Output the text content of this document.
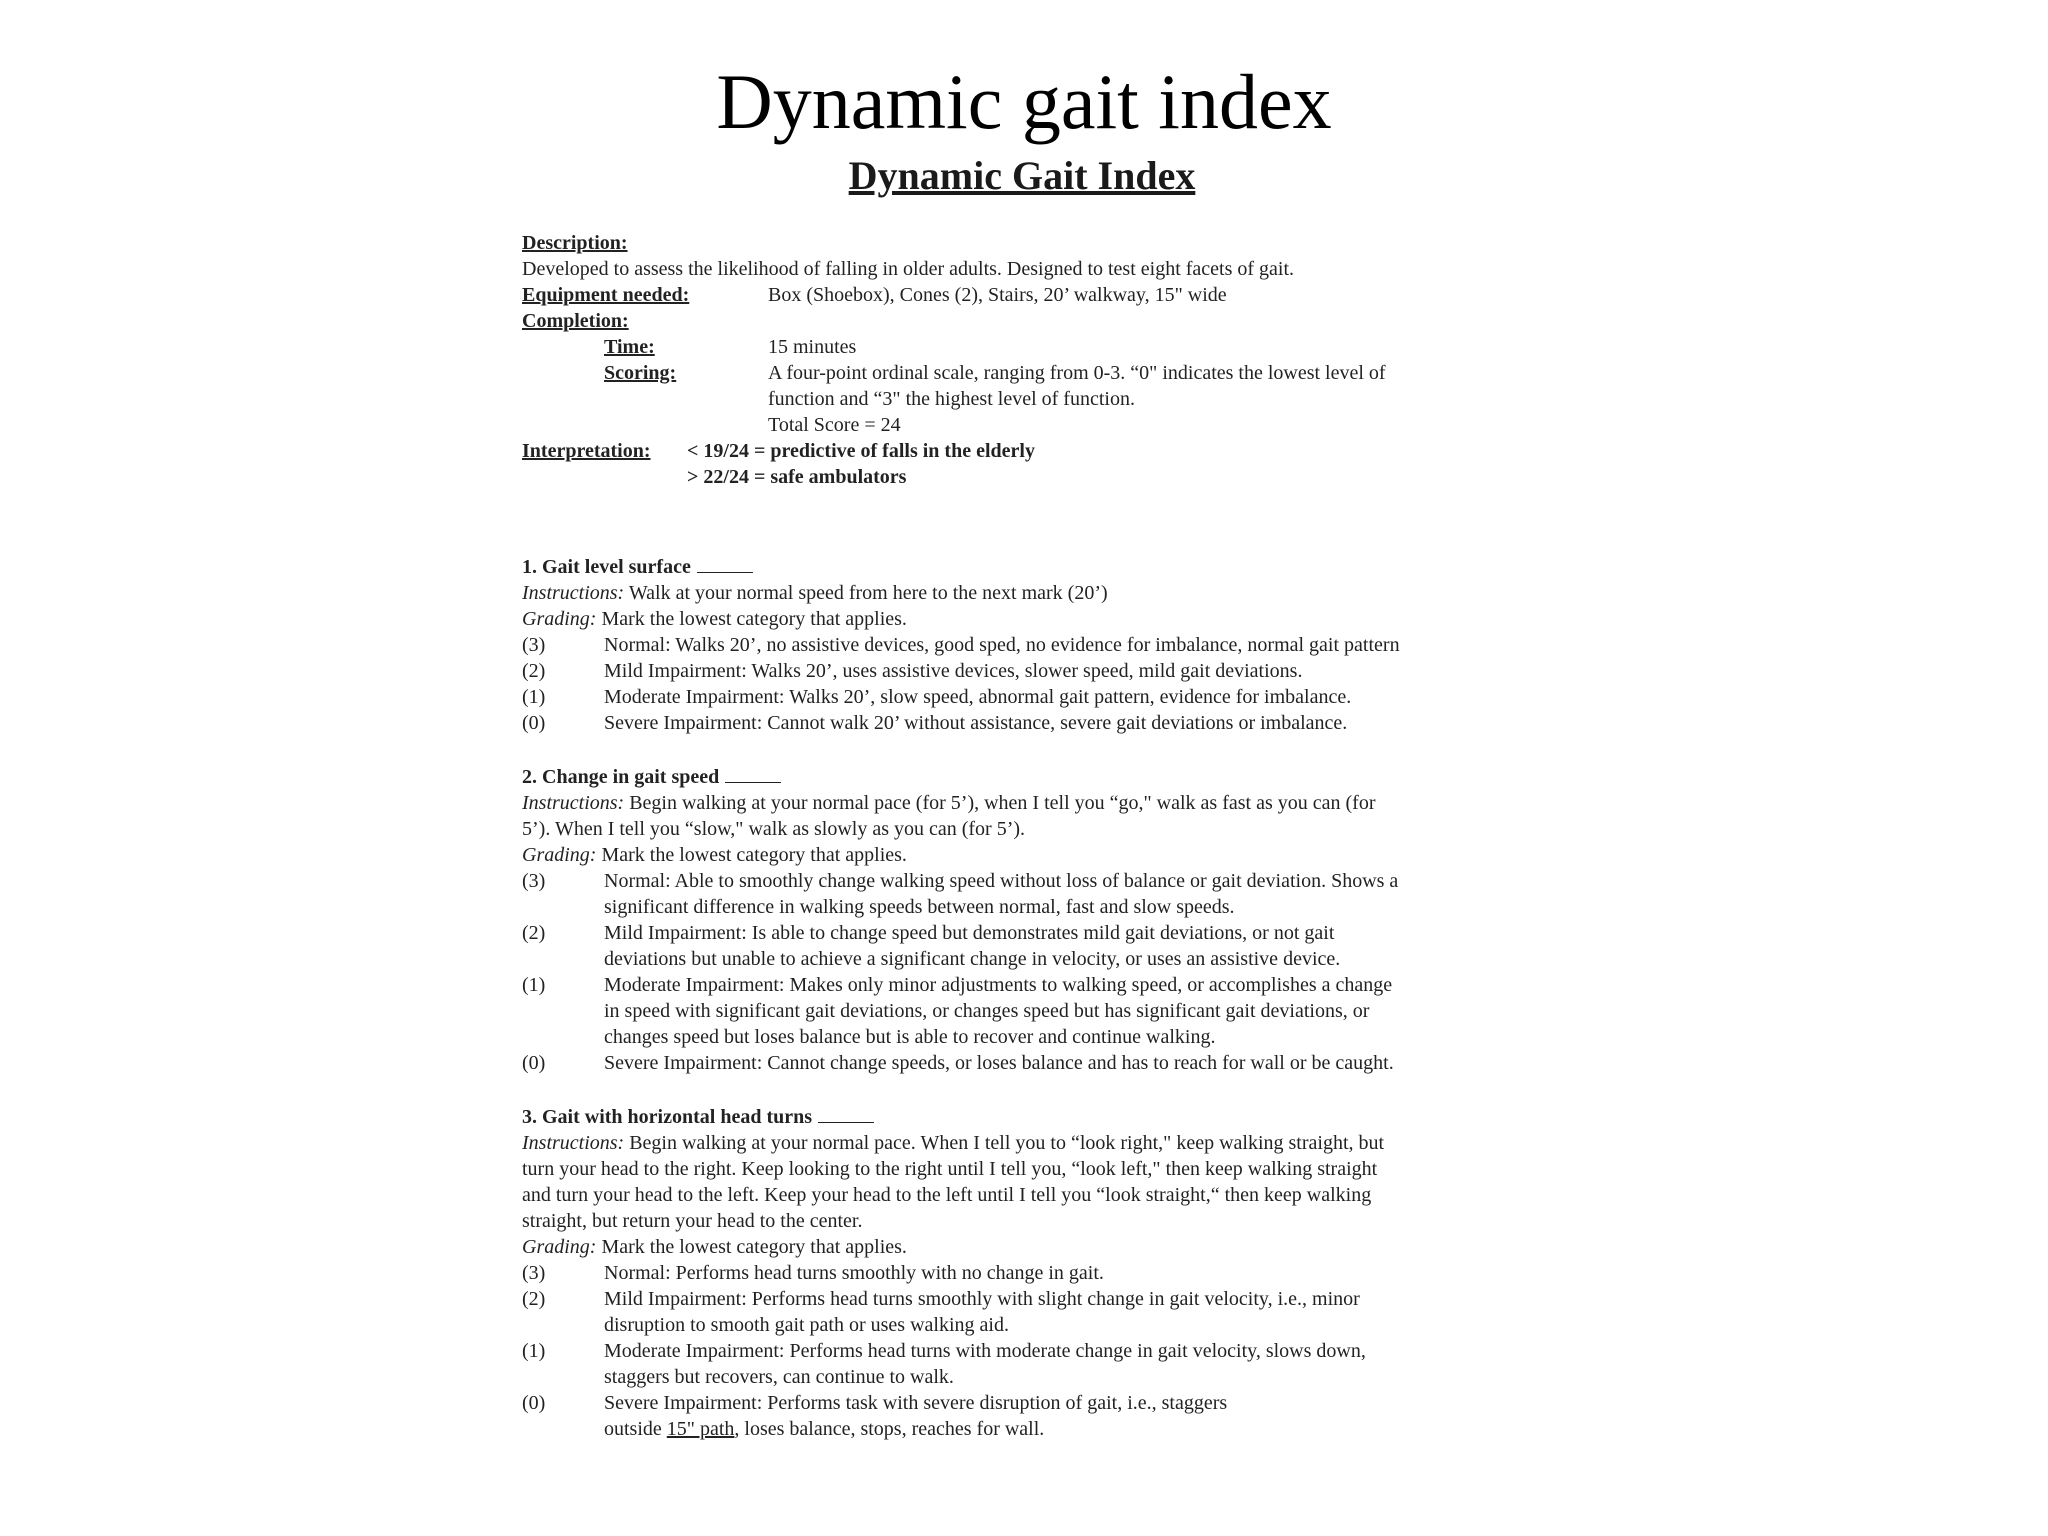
Dynamic gait index
Dynamic Gait Index
Description:
Developed to assess the likelihood of falling in older adults. Designed to test eight facets of gait.
Equipment needed:	Box (Shoebox), Cones (2), Stairs, 20’ walkway, 15" wide
Completion:
Time:	15 minutes
Scoring:	A four-point ordinal scale, ranging from 0-3. “0" indicates the lowest level of
function and “3" the highest level of function.
Total Score = 24
Interpretation: < 19/24 = predictive of falls in the elderly
> 22/24 = safe ambulators
1. Gait level surface
Instructions: Walk at your normal speed from here to the next mark (20’)
Grading: Mark the lowest category that applies.
(3)	Normal: Walks 20’, no assistive devices, good sped, no evidence for imbalance, normal gait pattern
(2)	Mild Impairment: Walks 20’, uses assistive devices, slower speed, mild gait deviations.
(1)	Moderate Impairment: Walks 20’, slow speed, abnormal gait pattern, evidence for imbalance.
(0)	Severe Impairment: Cannot walk 20’ without assistance, severe gait deviations or imbalance.
2. Change in gait speed
Instructions: Begin walking at your normal pace (for 5’), when I tell you “go," walk as fast as you can (for
5’). When I tell you “slow," walk as slowly as you can (for 5’).
Grading: Mark the lowest category that applies.
(3)	Normal: Able to smoothly change walking speed without loss of balance or gait deviation. Shows a
significant difference in walking speeds between normal, fast and slow speeds.
(2)	Mild Impairment: Is able to change speed but demonstrates mild gait deviations, or not gait
deviations but unable to achieve a significant change in velocity, or uses an assistive device.
(1)	Moderate Impairment: Makes only minor adjustments to walking speed, or accomplishes a change
in speed with significant gait deviations, or changes speed but has significant gait deviations, or
changes speed but loses balance but is able to recover and continue walking.
(0)	Severe Impairment: Cannot change speeds, or loses balance and has to reach for wall or be caught.
3. Gait with horizontal head turns
Instructions: Begin walking at your normal pace. When I tell you to “look right," keep walking straight, but
turn your head to the right. Keep looking to the right until I tell you, “look left," then keep walking straight
and turn your head to the left. Keep your head to the left until I tell you “look straight,“ then keep walking
straight, but return your head to the center.
Grading: Mark the lowest category that applies.
(3)	Normal: Performs head turns smoothly with no change in gait.
(2)	Mild Impairment: Performs head turns smoothly with slight change in gait velocity, i.e., minor
disruption to smooth gait path or uses walking aid.
(1)	Moderate Impairment: Performs head turns with moderate change in gait velocity, slows down,
staggers but recovers, can continue to walk.
(0)	Severe Impairment: Performs task with severe disruption of gait, i.e., staggers
outside 15" path, loses balance, stops, reaches for wall.
